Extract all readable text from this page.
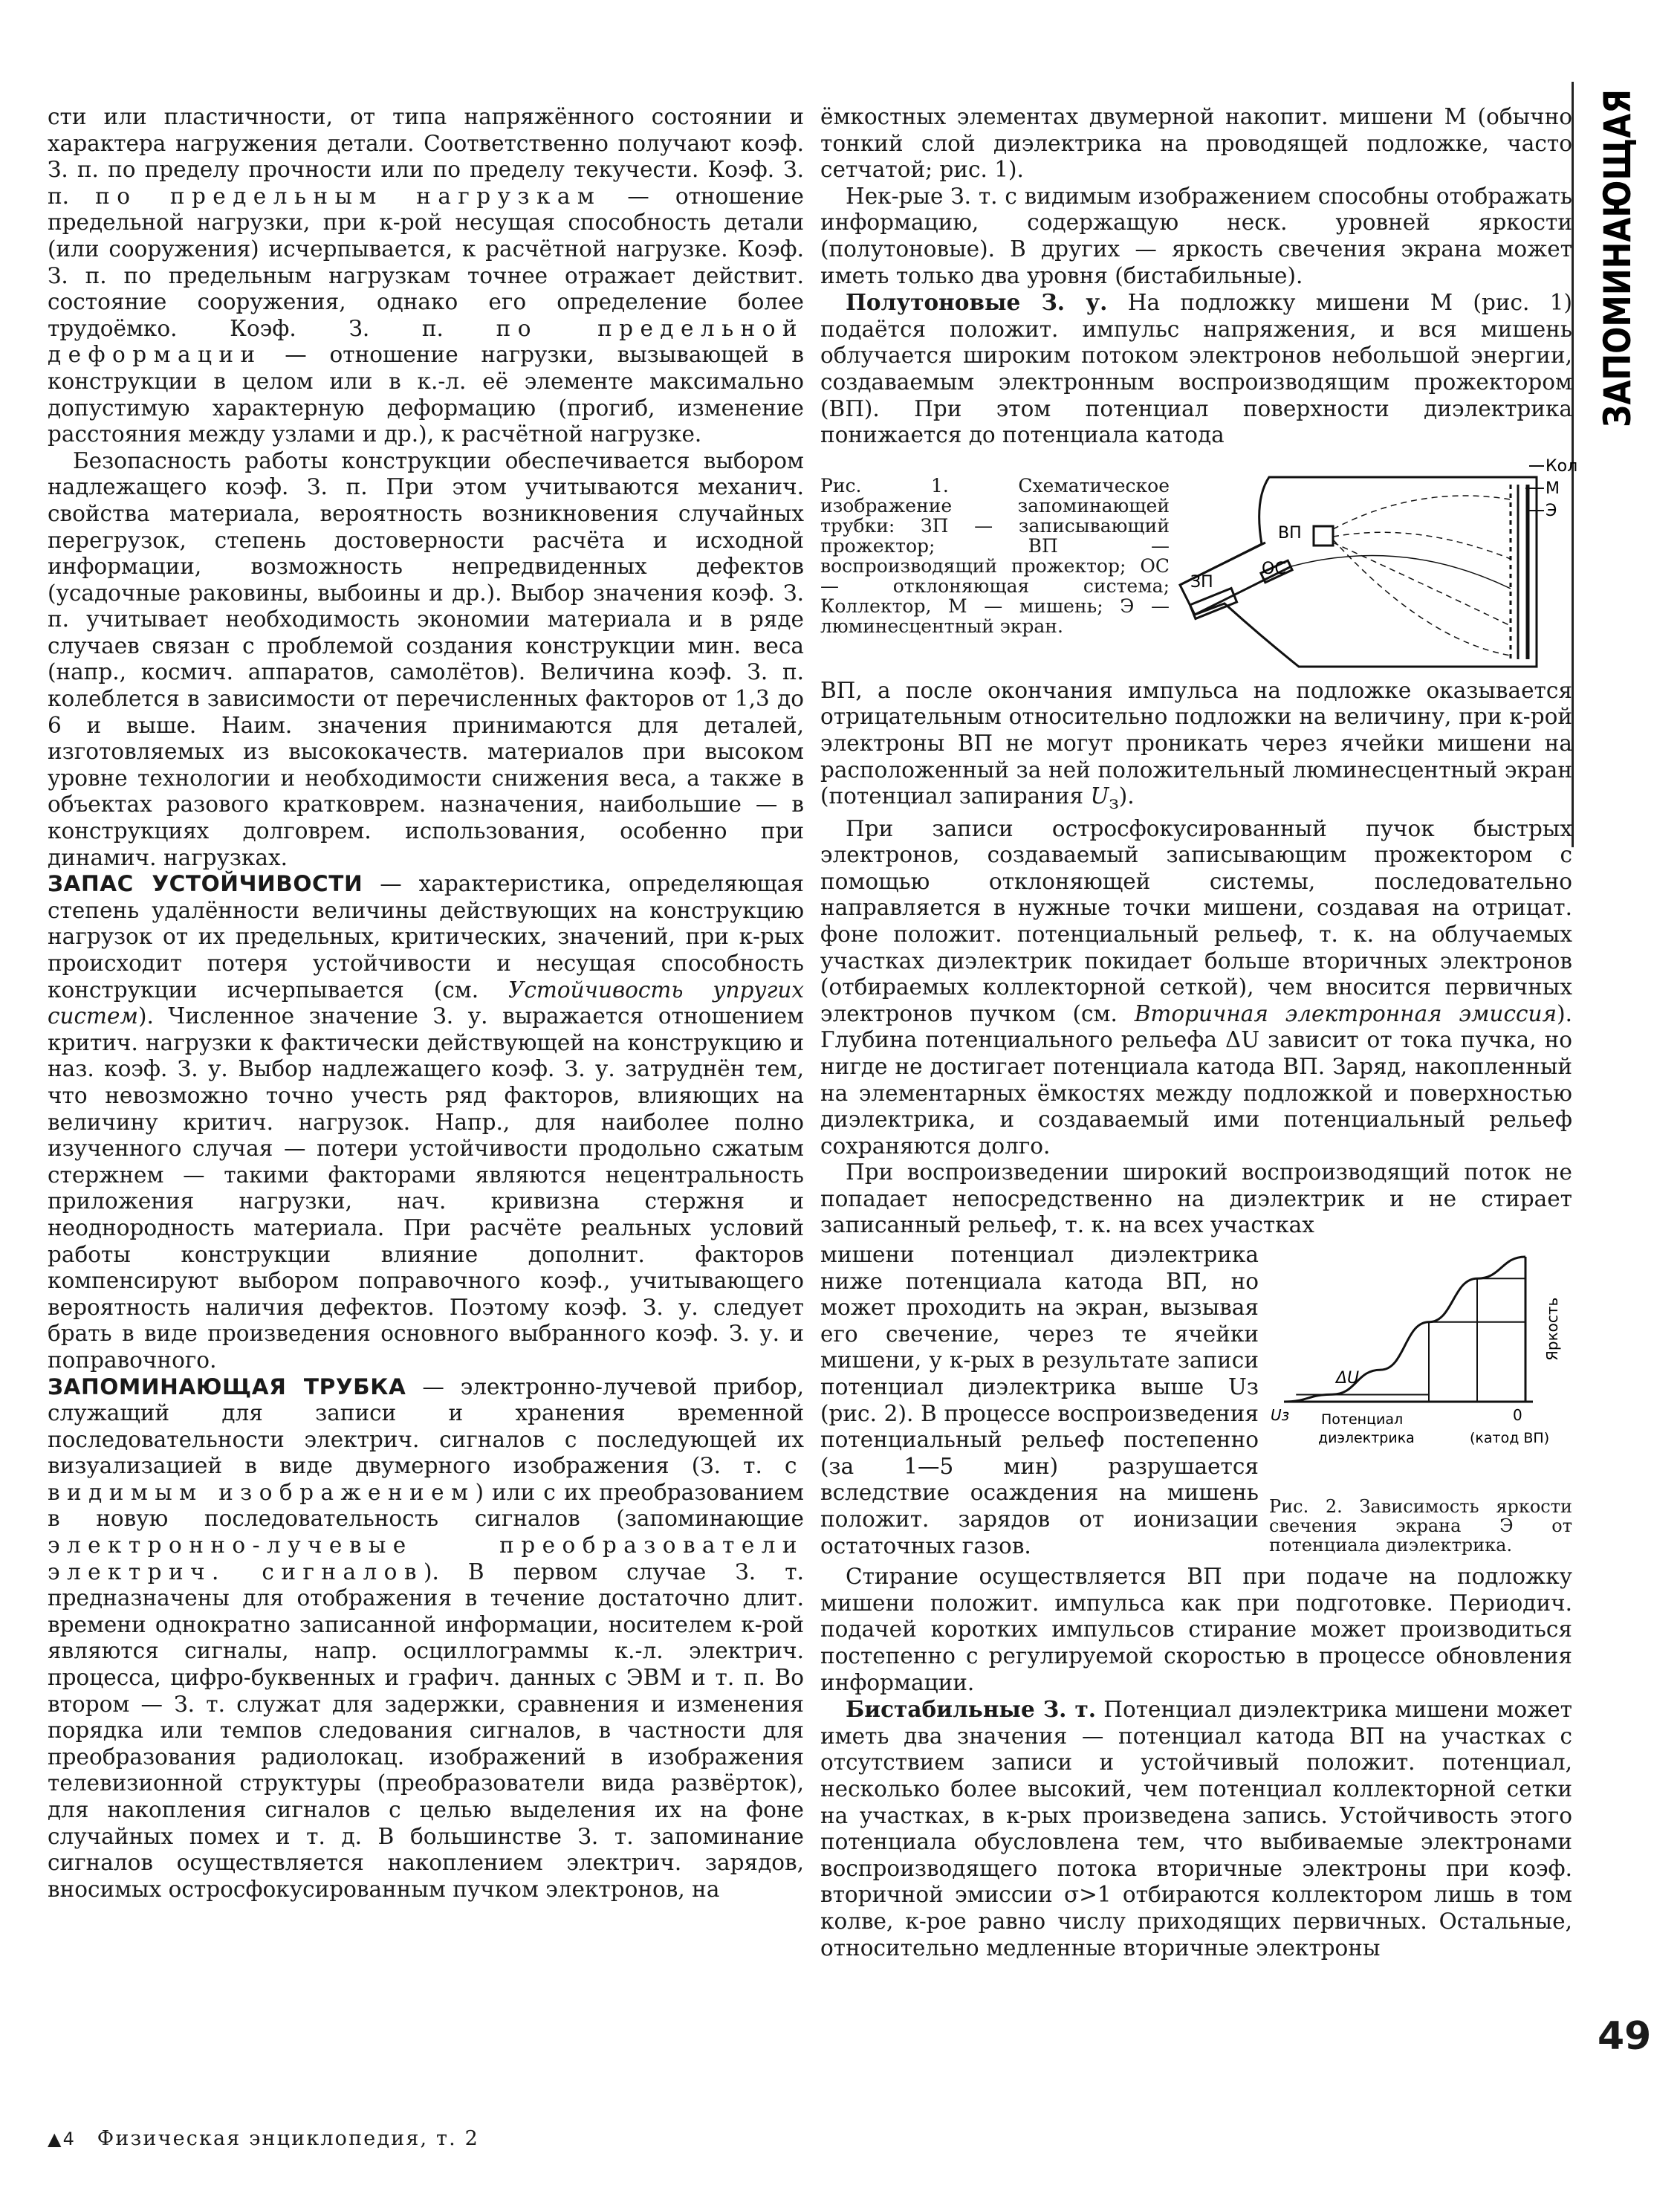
ЗАПОМИНАЮЩАЯ

сти или пластичности, от типа напряжённого состоянии и характера нагружения детали. Соответственно получают коэф. З. п. по пределу прочности или по пределу текучести. Коэф. З. п. по предельным нагрузкам — отношение предельной нагрузки, при к-рой несущая способность детали (или сооружения) исчерпывается, к расчётной нагрузке. Коэф. З. п. по предельным нагрузкам точнее отражает действит. состояние сооружения, однако его определение более трудоёмко. Коэф. З. п. по предельной деформации — отношение нагрузки, вызывающей в конструкции в целом или в к.-л. её элементе максимально допустимую характерную деформацию (прогиб, изменение расстояния между узлами и др.), к расчётной нагрузке.

Безопасность работы конструкции обеспечивается выбором надлежащего коэф. З. п. При этом учитываются механич. свойства материала, вероятность возникновения случайных перегрузок, степень достоверности расчёта и исходной информации, возможность непредвиденных дефектов (усадочные раковины, выбоины и др.). Выбор значения коэф. З. п. учитывает необходимость экономии материала и в ряде случаев связан с проблемой создания конструкции мин. веса (напр., космич. аппаратов, самолётов). Величина коэф. З. п. колеблется в зависимости от перечисленных факторов от 1,3 до 6 и выше. Наим. значения принимаются для деталей, изготовляемых из высококачеств. материалов при высоком уровне технологии и необходимости снижения веса, а также в объектах разового кратковрем. назначения, наибольшие — в конструкциях долговрем. использования, особенно при динамич. нагрузках.

ЗАПАС УСТОЙЧИВОСТИ — характеристика, определяющая степень удалённости величины действующих на конструкцию нагрузок от их предельных, критических, значений, при к-рых происходит потеря устойчивости и несущая способность конструкции исчерпывается (см. Устойчивость упругих систем). Численное значение З. у. выражается отношением критич. нагрузки к фактически действующей на конструкцию и наз. коэф. З. у. Выбор надлежащего коэф. З. у. затруднён тем, что невозможно точно учесть ряд факторов, влияющих на величину критич. нагрузок. Напр., для наиболее полно изученного случая — потери устойчивости продольно сжатым стержнем — такими факторами являются нецентральность приложения нагрузки, нач. кривизна стержня и неоднородность материала. При расчёте реальных условий работы конструкции влияние дополнит. факторов компенсируют выбором поправочного коэф., учитывающего вероятность наличия дефектов. Поэтому коэф. З. у. следует брать в виде произведения основного выбранного коэф. З. у. и поправочного.

ЗАПОМИНАЮЩАЯ ТРУБКА — электронно-лучевой прибор, служащий для записи и хранения временной последовательности электрич. сигналов с последующей их визуализацией в виде двумерного изображения (З. т. с видимым изображением) или с их преобразованием в новую последовательность сигналов (запоминающие электронно-лучевые преобразователи электрич. сигналов). В первом случае З. т. предназначены для отображения в течение достаточно длит. времени однократно записанной информации, носителем к-рой являются сигналы, напр. осциллограммы к.-л. электрич. процесса, цифро-буквенных и графич. данных с ЭВМ и т. п. Во втором — З. т. служат для задержки, сравнения и изменения порядка или темпов следования сигналов, в частности для преобразования радиолокац. изображений в изображения телевизионной структуры (преобразователи вида развёрток), для накопления сигналов с целью выделения их на фоне случайных помех и т. д. В большинстве З. т. запоминание сигналов осуществляется накоплением электрич. зарядов, вносимых остросфокусированным пучком электронов, на

ёмкостных элементах двумерной накопит. мишени М (обычно тонкий слой диэлектрика на проводящей подложке, часто сетчатой; рис. 1).

Нек-рые З. т. с видимым изображением способны отображать информацию, содержащую неск. уровней яркости (полутоновые). В других — яркость свечения экрана может иметь только два уровня (бистабильные).

Полутоновые З. у. На подложку мишени М (рис. 1) подаётся положит. импульс напряжения, и вся мишень облучается широким потоком электронов небольшой энергии, создаваемым электронным воспроизводящим прожектором (ВП). При этом потенциал поверхности диэлектрика понижается до потенциала катода

Рис. 1. Схематическое изображение запоминающей трубки: ЗП — записывающий прожектор; ВП — воспроизводящий прожектор; ОС — отклоняющая система; Коллектор, М — мишень; Э — люминесцентный экран.
Кол
М
Э
ВП
ОС
ЗП

ВП, а после окончания импульса на подложке оказывается отрицательным относительно подложки на величину, при к-рой электроны ВП не могут проникать через ячейки мишени на расположенный за ней положительный люминесцентный экран (потенциал запирания $U_з$).

При записи остросфокусированный пучок быстрых электронов, создаваемый записывающим прожектором с помощью отклоняющей системы, последовательно направляется в нужные точки мишени, создавая на отрицат. фоне положит. потенциальный рельеф, т. к. на облучаемых участках диэлектрик покидает больше вторичных электронов (отбираемых коллекторной сеткой), чем вносится первичных электронов пучком (см. Вторичная электронная эмиссия). Глубина потенциального рельефа ΔU зависит от тока пучка, но нигде не достигает потенциала катода ВП. Заряд, накопленный на элементарных ёмкостях между подложкой и поверхностью диэлектрика, и создаваемый ими потенциальный рельеф сохраняются долго.

При воспроизведении широкий воспроизводящий поток не попадает непосредственно на диэлектрик и не стирает записанный рельеф, т. к. на всех участках

мишени потенциал диэлектрика ниже потенциала катода ВП, но может проходить на экран, вызывая его свечение, через те ячейки мишени, у к-рых в результате записи потенциал диэлектрика выше Uз (рис. 2). В процессе воспроизведения потенциальный рельеф постепенно (за 1—5 мин) разрушается вследствие осаждения на мишень положит. зарядов от ионизации остаточных газов.

Яркость
ΔU
Uз Потенциал
диэлектрика
0
(катод ВП)
Рис. 2. Зависимость яркости свечения экрана Э от потенциала диэлектрика.

Стирание осуществляется ВП при подаче на подложку мишени положит. импульса как при подготовке. Периодич. подачей коротких импульсов стирание может производиться постепенно с регулируемой скоростью в процессе обновления информации.

Бистабильные З. т. Потенциал диэлектрика мишени может иметь два значения — потенциал катода ВП на участках с отсутствием записи и устойчивый положит. потенциал, несколько более высокий, чем потенциал коллекторной сетки на участках, в к-рых произведена запись. Устойчивость этого потенциала обусловлена тем, что выбиваемые электронами воспроизводящего потока вторичные электроны при коэф. вторичной эмиссии σ>1 отбираются коллектором лишь в том колве, к-рое равно числу приходящих первичных. Остальные, относительно медленные вторичные электроны

49
▲4 Физическая энциклопедия, т. 2
